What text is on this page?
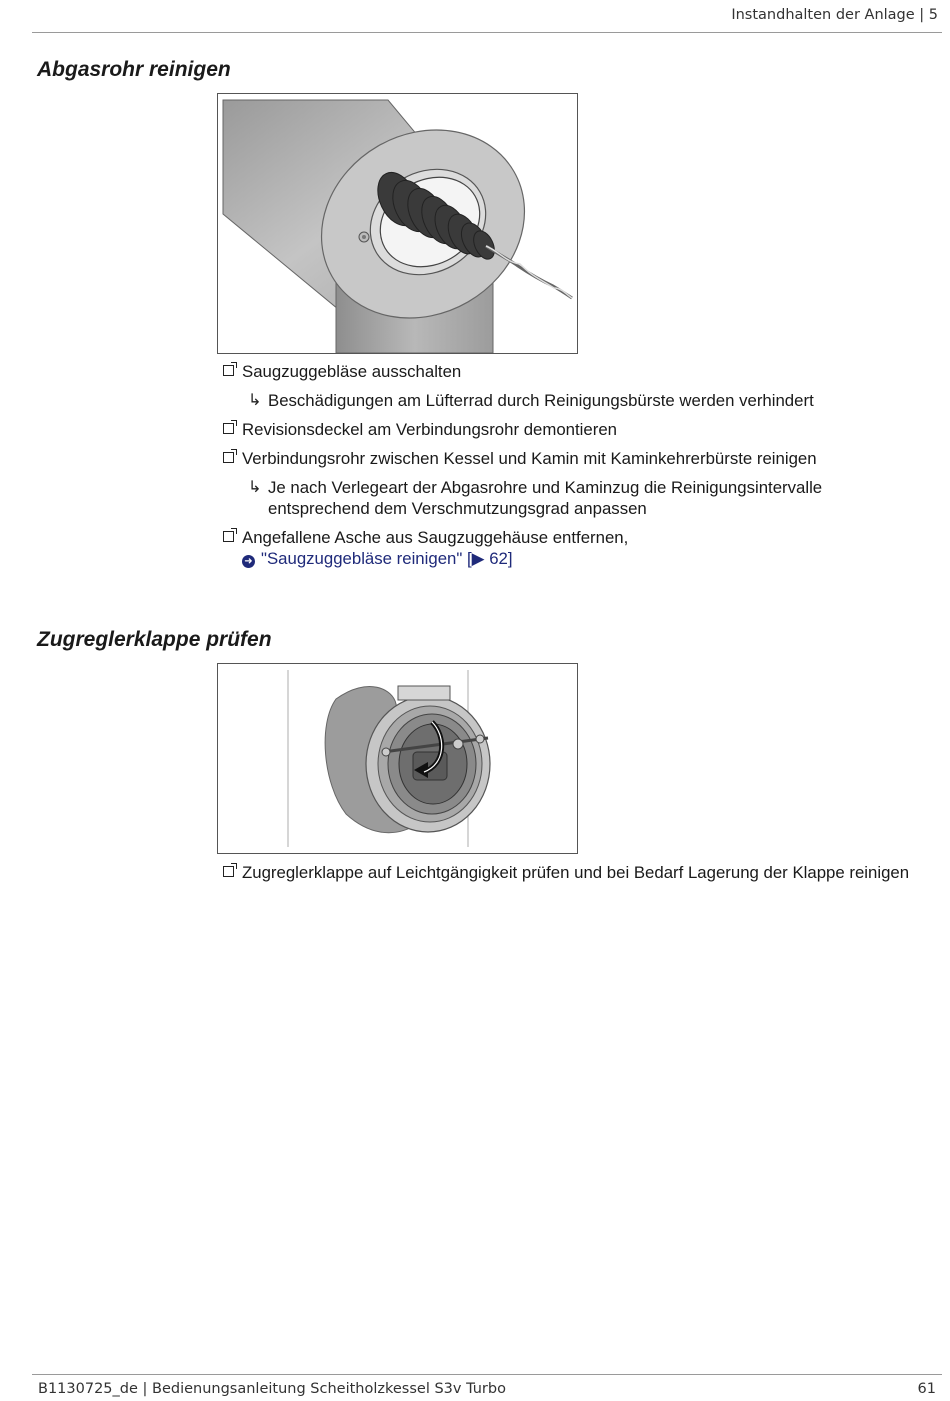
Instandhalten der Anlage | 5
Abgasrohr reinigen
Saugzuggebläse ausschalten
↳ Beschädigungen am Lüfterrad durch Reinigungsbürste werden verhindert
Revisionsdeckel am Verbindungsrohr demontieren
Verbindungsrohr zwischen Kessel und Kamin mit Kaminkehrerbürste reinigen
↳ Je nach Verlegeart der Abgasrohre und Kaminzug die Reinigungsintervalle entsprechend dem Verschmutzungsgrad anpassen
Angefallene Asche aus Saugzuggehäuse entfernen,
➜ "Saugzuggebläse reinigen" [▶ 62]
Zugreglerklappe prüfen
Zugreglerklappe auf Leichtgängigkeit prüfen und bei Bedarf Lagerung der Klappe reinigen
B1130725_de | Bedienungsanleitung Scheitholzkessel S3v Turbo	61
